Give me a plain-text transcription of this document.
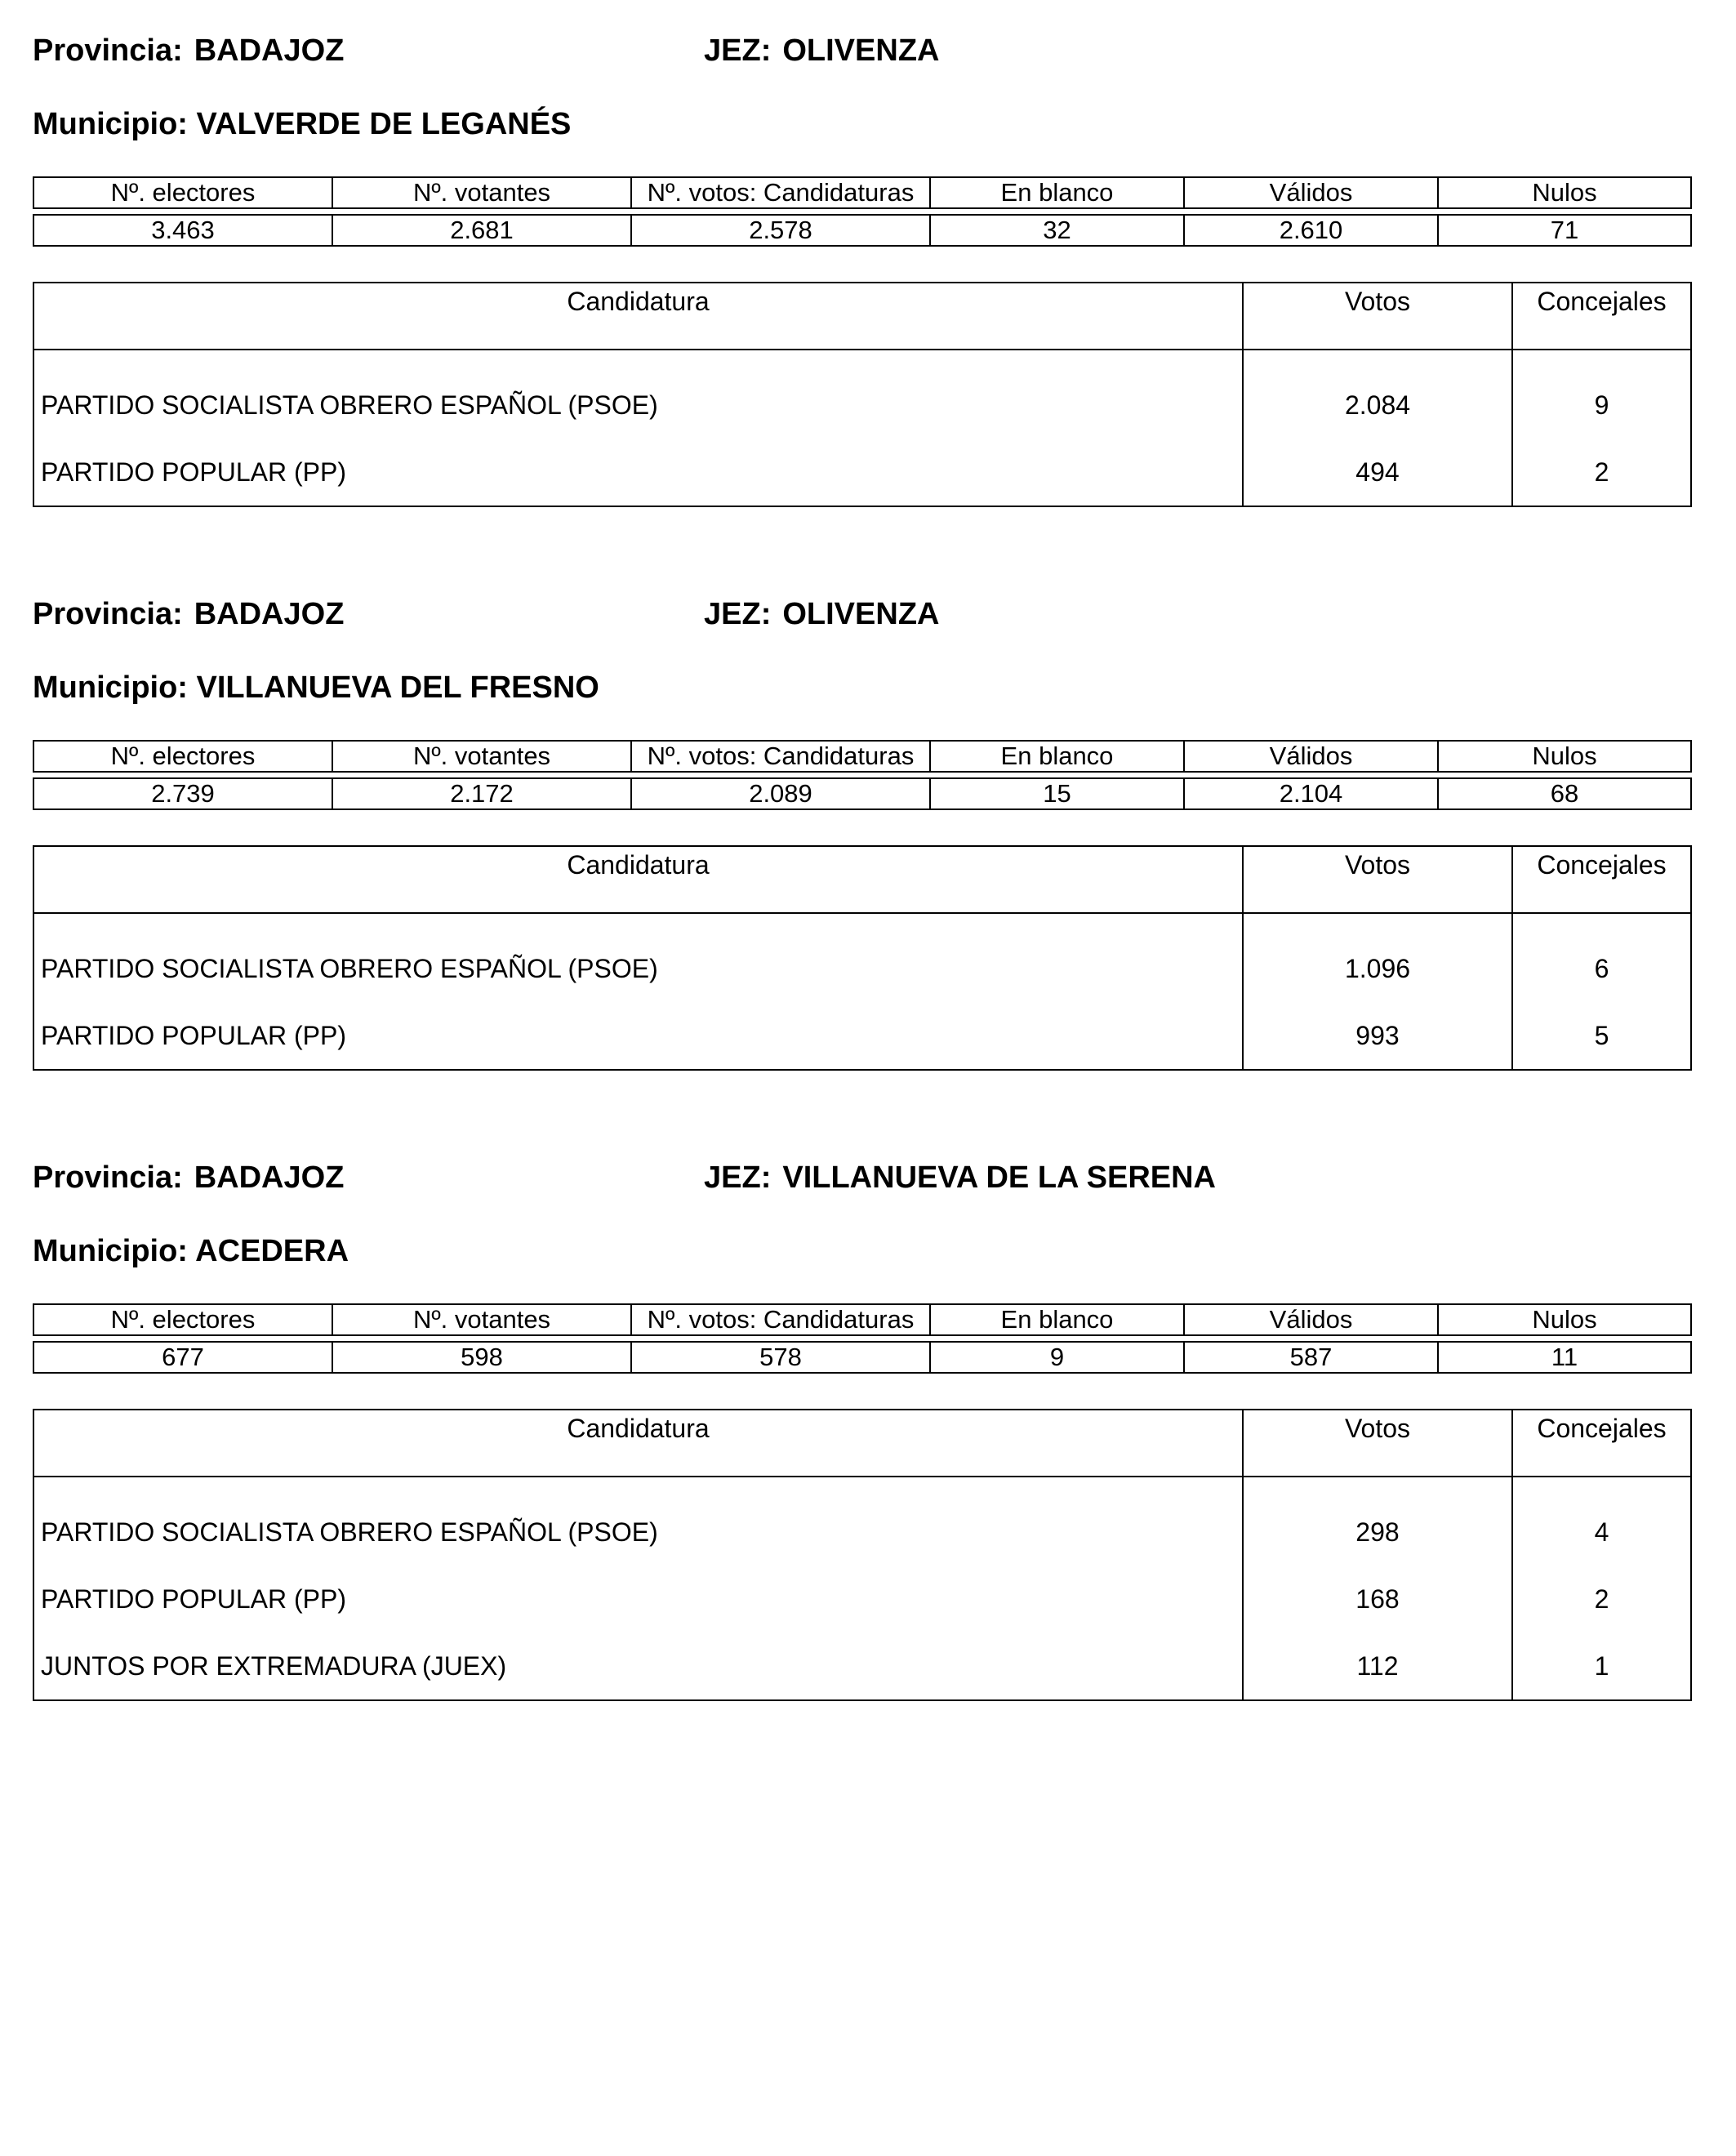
Provincia: BADAJOZ	JEZ: OLIVENZA
Municipio: VALVERDE DE LEGANÉS
Nº. electores	Nº. votantes	Nº. votos: Candidaturas	En blanco	Válidos	Nulos

3.463	2.681	2.578	32	2.610	71
Candidatura	Votos	Concejales
PARTIDO SOCIALISTA OBRERO ESPAÑOL (PSOE)	2.084	9
PARTIDO POPULAR (PP)	494	2
Provincia: BADAJOZ	JEZ: OLIVENZA
Municipio: VILLANUEVA DEL FRESNO
Nº. electores	Nº. votantes	Nº. votos: Candidaturas	En blanco	Válidos	Nulos

2.739	2.172	2.089	15	2.104	68
Candidatura	Votos	Concejales
PARTIDO SOCIALISTA OBRERO ESPAÑOL (PSOE)	1.096	6
PARTIDO POPULAR (PP)	993	5
Provincia: BADAJOZ	JEZ: VILLANUEVA DE LA SERENA
Municipio: ACEDERA
Nº. electores	Nº. votantes	Nº. votos: Candidaturas	En blanco	Válidos	Nulos

677	598	578	9	587	11
Candidatura	Votos	Concejales
PARTIDO SOCIALISTA OBRERO ESPAÑOL (PSOE)	298	4
PARTIDO POPULAR (PP)	168	2
JUNTOS POR EXTREMADURA (JUEX)	112	1
